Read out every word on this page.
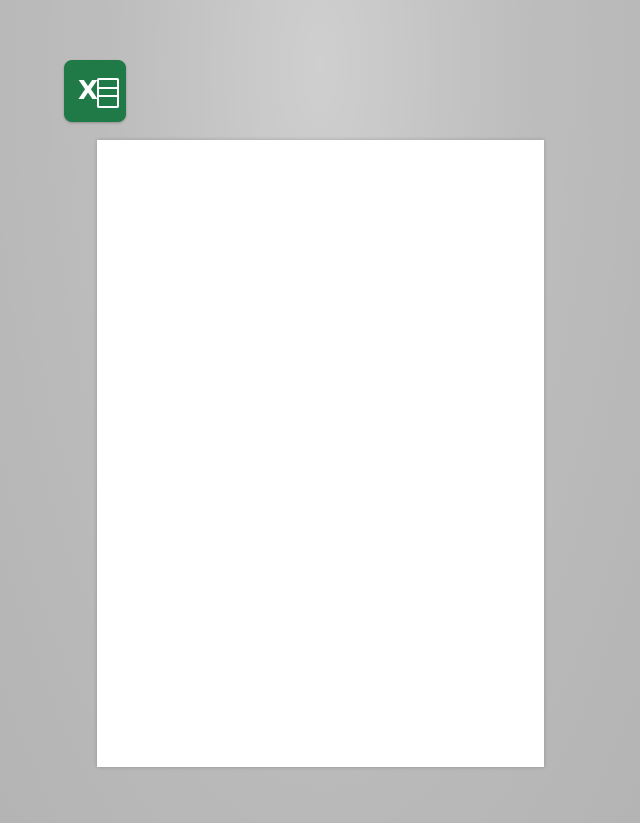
X
